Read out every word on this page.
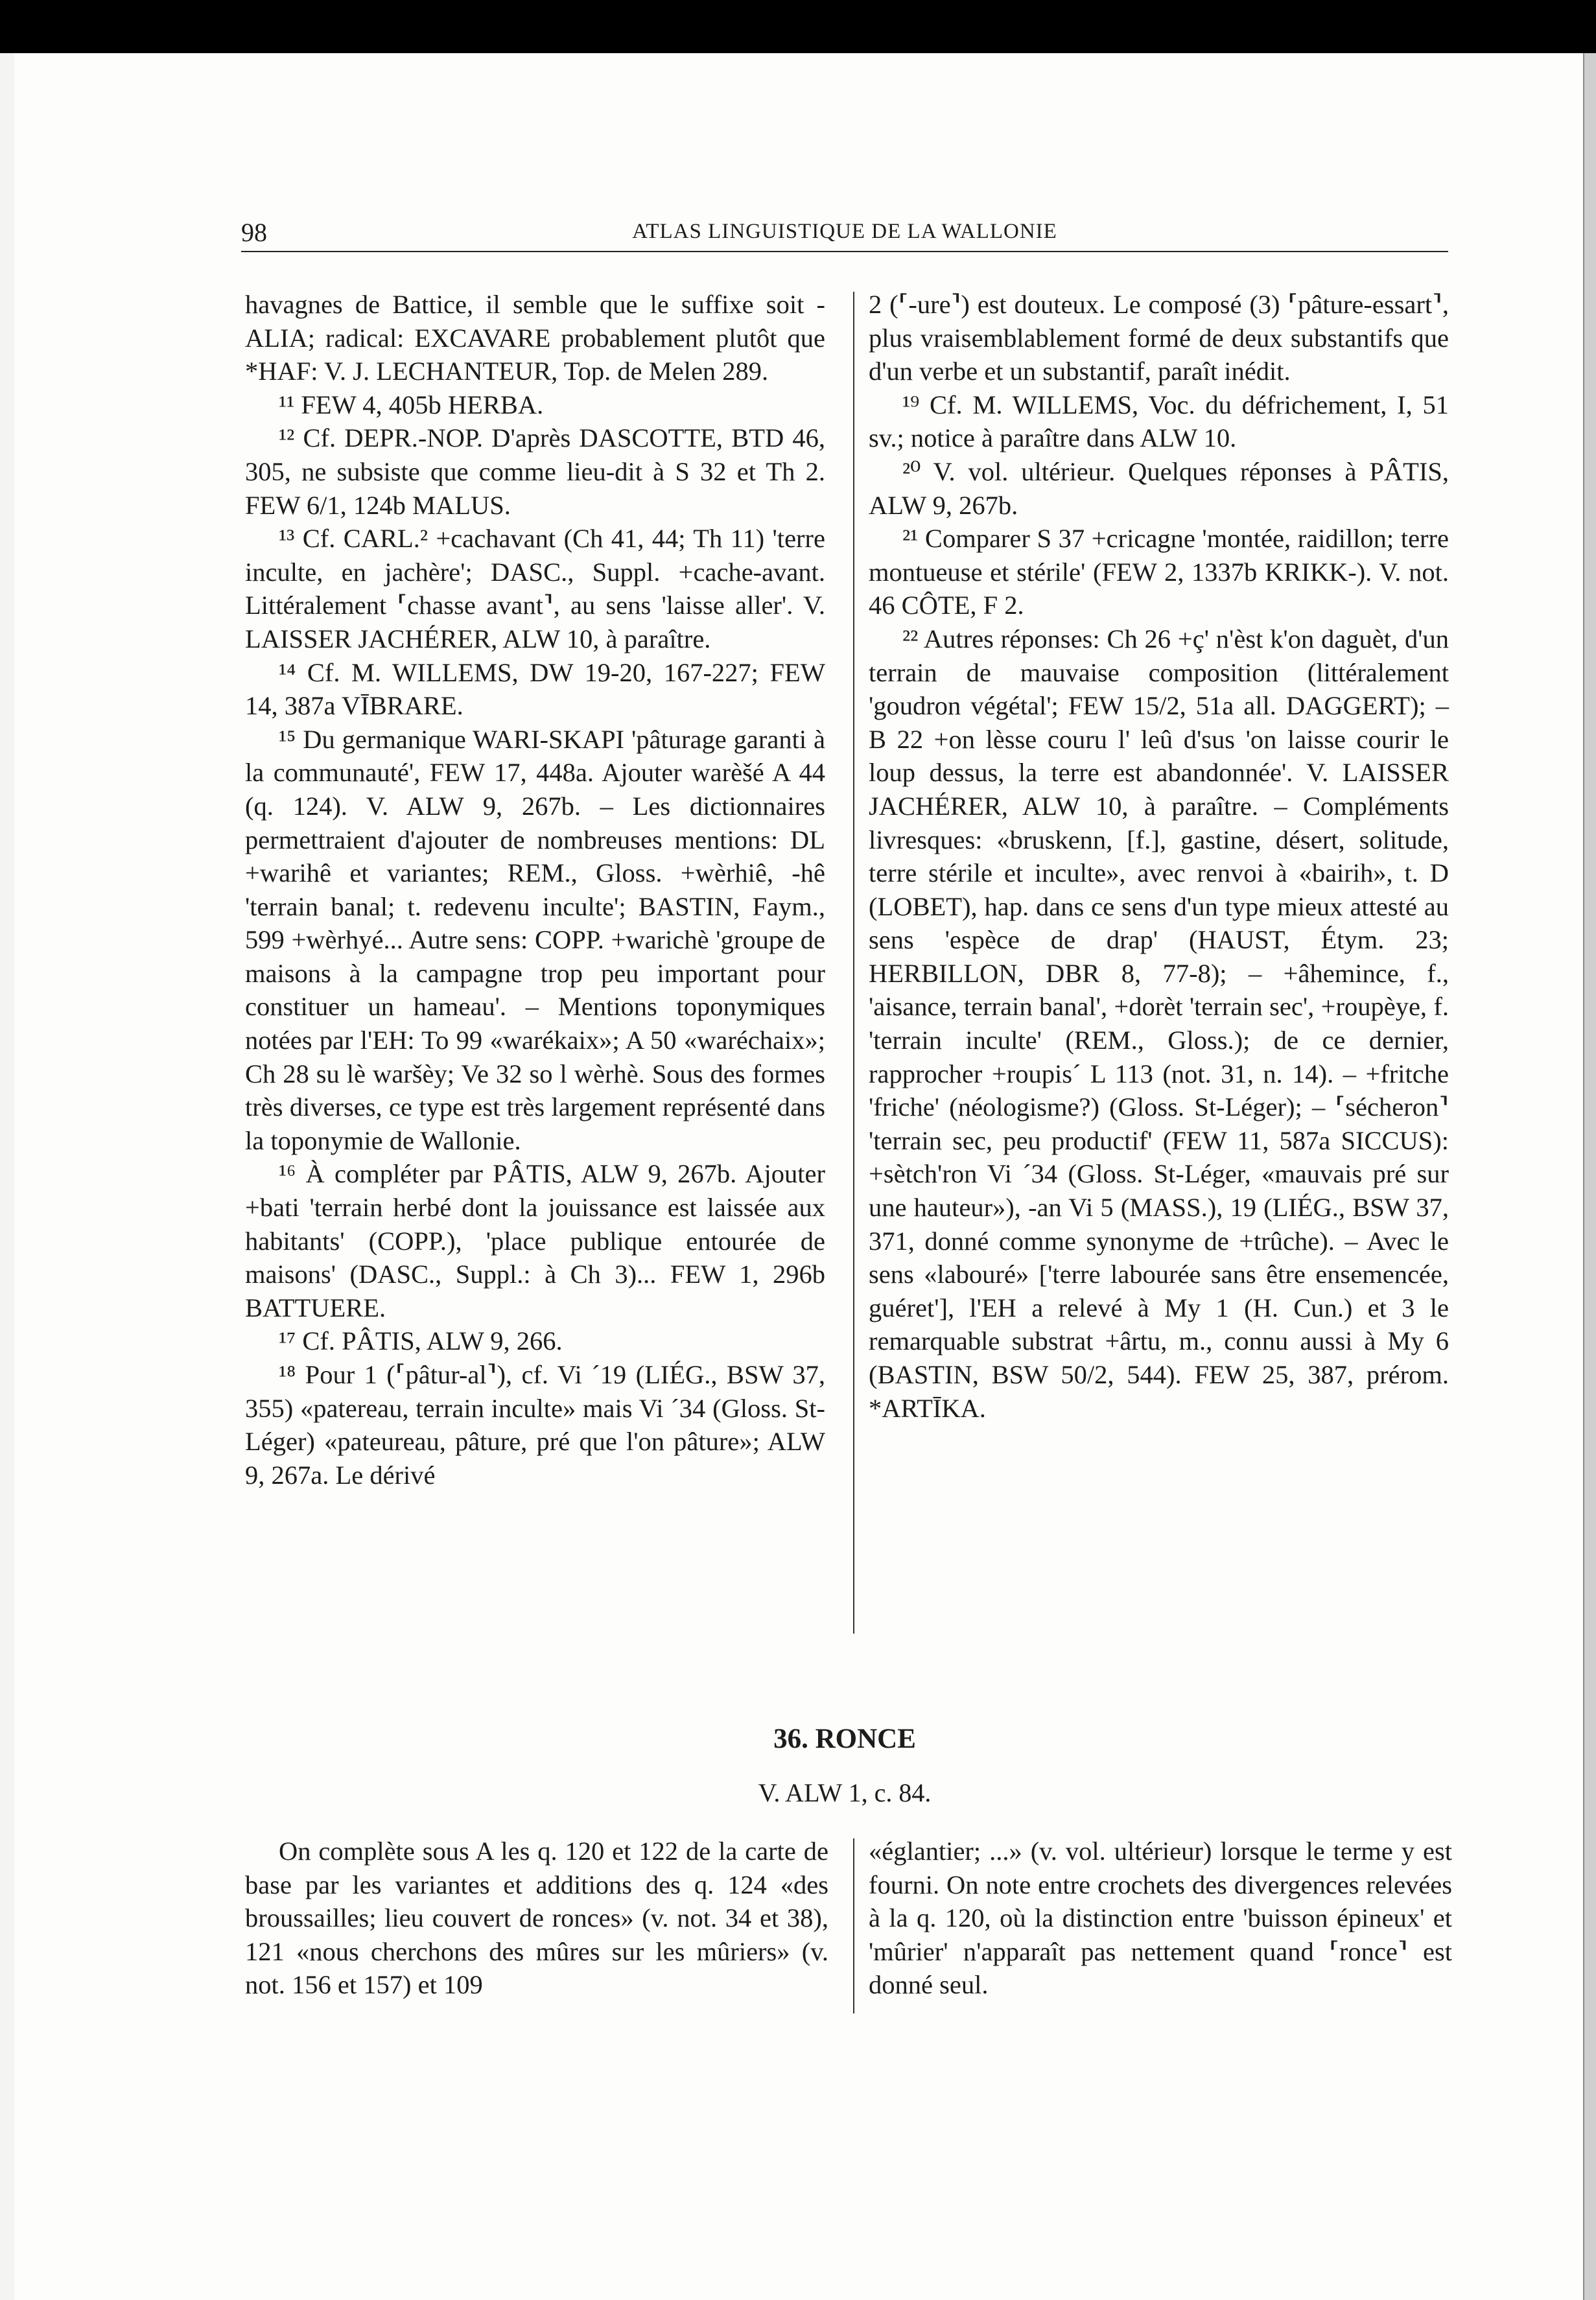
98	ATLAS LINGUISTIQUE DE LA WALLONIE

havagnes de Battice, il semble que le suffixe soit -ALIA; radical: EXCAVARE probablement plutôt que *HAF: V. J. LECHANTEUR, Top. de Melen 289.

¹¹ FEW 4, 405b HERBA.

¹² Cf. DEPR.-NOP. D'après DASCOTTE, BTD 46, 305, ne subsiste que comme lieu-dit à S 32 et Th 2. FEW 6/1, 124b MALUS.

¹³ Cf. CARL.² +cachavant (Ch 41, 44; Th 11) 'terre inculte, en jachère'; DASC., Suppl. +cache-avant. Littéralement ⸢chasse avant⸣, au sens 'laisse aller'. V. LAISSER JACHÉRER, ALW 10, à paraître.

¹⁴ Cf. M. WILLEMS, DW 19-20, 167-227; FEW 14, 387a VĪBRARE.

¹⁵ Du germanique WARI-SKAPI 'pâturage garanti à la communauté', FEW 17, 448a. Ajouter warèšé A 44 (q. 124). V. ALW 9, 267b. – Les dictionnaires permettraient d'ajouter de nombreuses mentions: DL +warihê et variantes; REM., Gloss. +wèrhiê, -hê 'terrain banal; t. redevenu inculte'; BASTIN, Faym., 599 +wèrhyé... Autre sens: COPP. +warichè 'groupe de maisons à la campagne trop peu important pour constituer un hameau'. – Mentions toponymiques notées par l'EH: To 99 «warékaix»; A 50 «waréchaix»; Ch 28 su lè waršèy; Ve 32 so l wèrhè. Sous des formes très diverses, ce type est très largement représenté dans la toponymie de Wallonie.

¹⁶ À compléter par PÂTIS, ALW 9, 267b. Ajouter +bati 'terrain herbé dont la jouissance est laissée aux habitants' (COPP.), 'place publique entourée de maisons' (DASC., Suppl.: à Ch 3)... FEW 1, 296b BATTUERE.

¹⁷ Cf. PÂTIS, ALW 9, 266.

¹⁸ Pour 1 (⸢pâtur-al⸣), cf. Vi ´19 (LIÉG., BSW 37, 355) «patereau, terrain inculte» mais Vi ´34 (Gloss. St-Léger) «pateureau, pâture, pré que l'on pâture»; ALW 9, 267a. Le dérivé

2 (⸢-ure⸣) est douteux. Le composé (3) ⸢pâture-essart⸣, plus vraisemblablement formé de deux substantifs que d'un verbe et un substantif, paraît inédit.

¹⁹ Cf. M. WILLEMS, Voc. du défrichement, I, 51 sv.; notice à paraître dans ALW 10.

²⁰ V. vol. ultérieur. Quelques réponses à PÂTIS, ALW 9, 267b.

²¹ Comparer S 37 +cricagne 'montée, raidillon; terre montueuse et stérile' (FEW 2, 1337b KRIKK-). V. not. 46 CÔTE, F 2.

²² Autres réponses: Ch 26 +ç' n'èst k'on daguèt, d'un terrain de mauvaise composition (littéralement 'goudron végétal'; FEW 15/2, 51a all. DAGGERT); – B 22 +on lèsse couru l' leû d'sus 'on laisse courir le loup dessus, la terre est abandonnée'. V. LAISSER JACHÉRER, ALW 10, à paraître. – Compléments livresques: «bruskenn, [f.], gastine, désert, solitude, terre stérile et inculte», avec renvoi à «bairih», t. D (LOBET), hap. dans ce sens d'un type mieux attesté au sens 'espèce de drap' (HAUST, Étym. 23; HERBILLON, DBR 8, 77-8); – +âhemince, f., 'aisance, terrain banal', +dorèt 'terrain sec', +roupèye, f. 'terrain inculte' (REM., Gloss.); de ce dernier, rapprocher +roupis´ L 113 (not. 31, n. 14). – +fritche 'friche' (néologisme?) (Gloss. St-Léger); – ⸢sécheron⸣ 'terrain sec, peu productif' (FEW 11, 587a SICCUS): +sètch'ron Vi ´34 (Gloss. St-Léger, «mauvais pré sur une hauteur»), -an Vi 5 (MASS.), 19 (LIÉG., BSW 37, 371, donné comme synonyme de +trûche). – Avec le sens «labouré» ['terre labourée sans être ensemencée, guéret'], l'EH a relevé à My 1 (H. Cun.) et 3 le remarquable substrat +ârtu, m., connu aussi à My 6 (BASTIN, BSW 50/2, 544). FEW 25, 387, prérom. *ARTĪKA.

36. RONCE
V. ALW 1, c. 84.

On complète sous A les q. 120 et 122 de la carte de base par les variantes et additions des q. 124 «des broussailles; lieu couvert de ronces» (v. not. 34 et 38), 121 «nous cherchons des mûres sur les mûriers» (v. not. 156 et 157) et 109

«églantier; ...» (v. vol. ultérieur) lorsque le terme y est fourni. On note entre crochets des divergences relevées à la q. 120, où la distinction entre 'buisson épineux' et 'mûrier' n'apparaît pas nettement quand ⸢ronce⸣ est donné seul.
